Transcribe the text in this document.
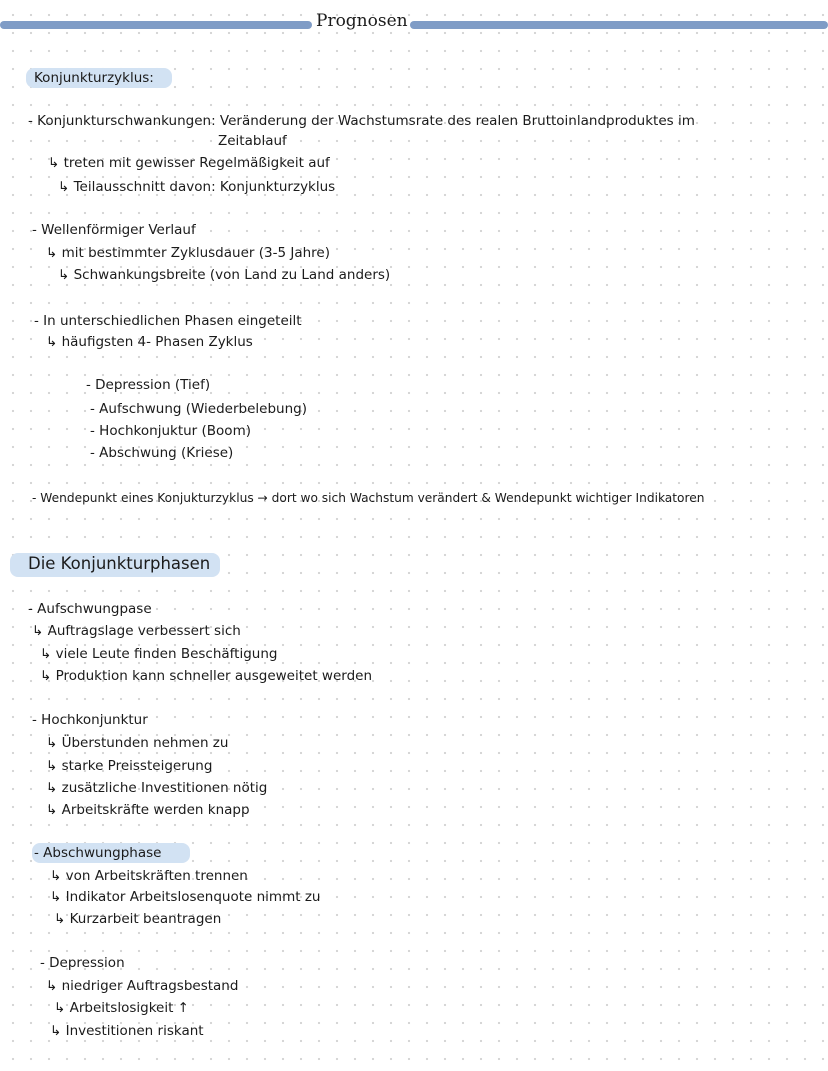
Prognosen
Konjunkturzyklus:
- Konjunkturschwankungen: Veränderung der Wachstumsrate des realen Bruttoinlandproduktes im
Zeitablauf
↳ treten mit gewisser Regelmäßigkeit auf
↳ Teilausschnitt davon: Konjunkturzyklus
- Wellenförmiger Verlauf
↳ mit bestimmter Zyklusdauer (3-5 Jahre)
↳ Schwankungsbreite (von Land zu Land anders)
- In unterschiedlichen Phasen eingeteilt
↳ häufigsten 4- Phasen Zyklus
- Depression (Tief)
- Aufschwung (Wiederbelebung)
- Hochkonjuktur (Boom)
- Abschwung (Kriese)
- Wendepunkt eines Konjukturzyklus → dort wo sich Wachstum verändert & Wendepunkt wichtiger Indikatoren
Die Konjunkturphasen
- Aufschwungpase
↳ Auftragslage verbessert sich
↳ viele Leute finden Beschäftigung
↳ Produktion kann schneller ausgeweitet werden
- Hochkonjunktur
↳ Überstunden nehmen zu
↳ starke Preissteigerung
↳ zusätzliche Investitionen nötig
↳ Arbeitskräfte werden knapp
- Abschwungphase
↳ von Arbeitskräften trennen
↳ Indikator Arbeitslosenquote nimmt zu
↳ Kurzarbeit beantragen
- Depression
↳ niedriger Auftragsbestand
↳ Arbeitslosigkeit ↑
↳ Investitionen riskant
